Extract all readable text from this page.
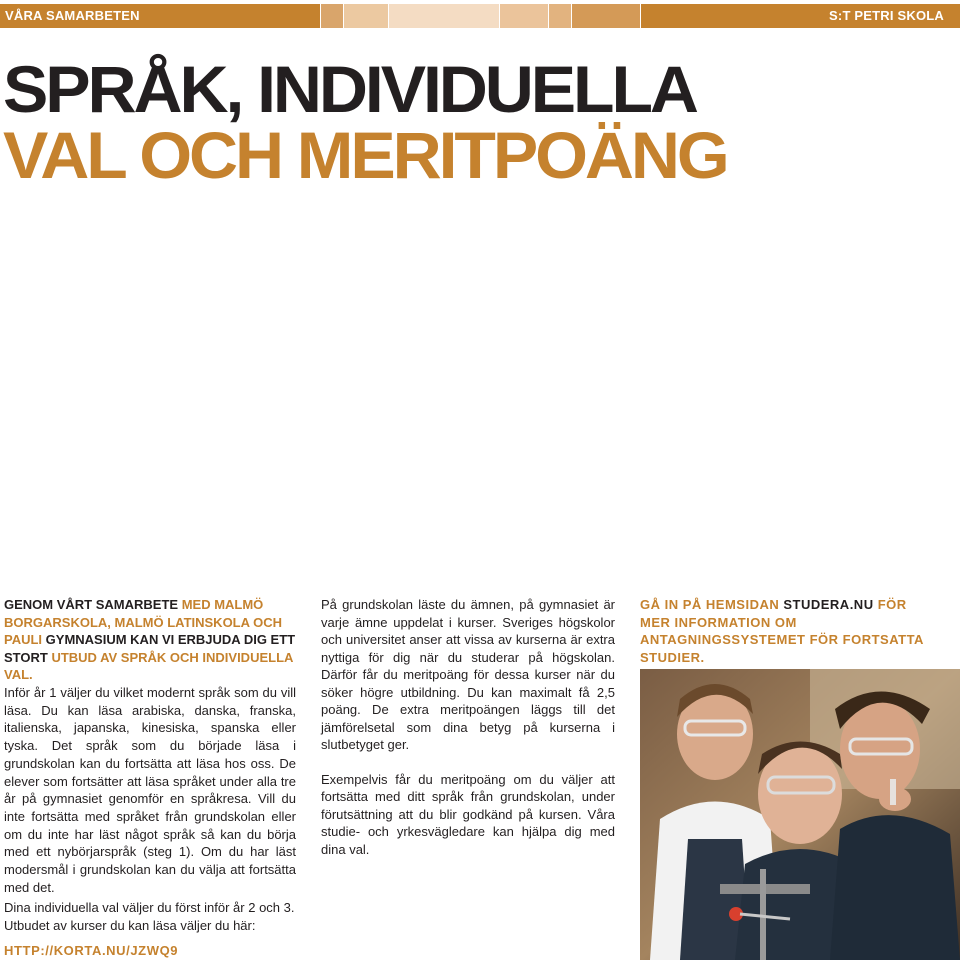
VÅRA SAMARBETEN	S:T PETRI SKOLA
SPRÅK, INDIVIDUELLA
VAL OCH MERITPOÄNG
GENOM VÅRT SAMARBETE MED MALMÖ BORGARSKOLA, MALMÖ LATINSKOLA OCH PAULI GYMNASIUM KAN VI ERBJUDA DIG ETT STORT UTBUD AV SPRÅK OCH INDIVIDUELLA VAL.
Inför år 1 väljer du vilket modernt språk som du vill läsa. Du kan läsa arabiska, danska, franska, italienska, japanska, kinesiska, spanska eller tyska. Det språk som du började läsa i grundskolan kan du fortsätta att läsa hos oss. De elever som fortsätter att läsa språket under alla tre år på gymnasiet genomför en språkresa. Vill du inte fortsätta med språket från grundskolan eller om du inte har läst något språk så kan du börja med ett nybörjarspråk (steg 1). Om du har läst modersmål i grundskolan kan du välja att fortsätta med det.
Dina individuella val väljer du först inför år 2 och 3. Utbudet av kurser du kan läsa väljer du här:
HTTP://KORTA.NU/JZWQ9

På grundskolan läste du ämnen, på gymnasiet är varje ämne uppdelat i kurser. Sveriges högskolor och universitet anser att vissa av kurserna är extra nyttiga för dig när du studerar på högskolan. Därför får du meritpoäng för dessa kurser när du söker högre utbildning. Du kan maximalt få 2,5 poäng. De extra meritpoängen läggs till det jämförelsetal som dina betyg på kurserna i slutbetyget ger.

Exempelvis får du meritpoäng om du väljer att fortsätta med ditt språk från grundskolan, under förutsättning att du blir godkänd på kursen. Våra studie- och yrkesvägledare kan hjälpa dig med dina val.

GÅ IN PÅ HEMSIDAN STUDERA.NU FÖR MER INFORMATION OM ANTAGNINGSSYSTEMET FÖR FORTSATTA STUDIER.
